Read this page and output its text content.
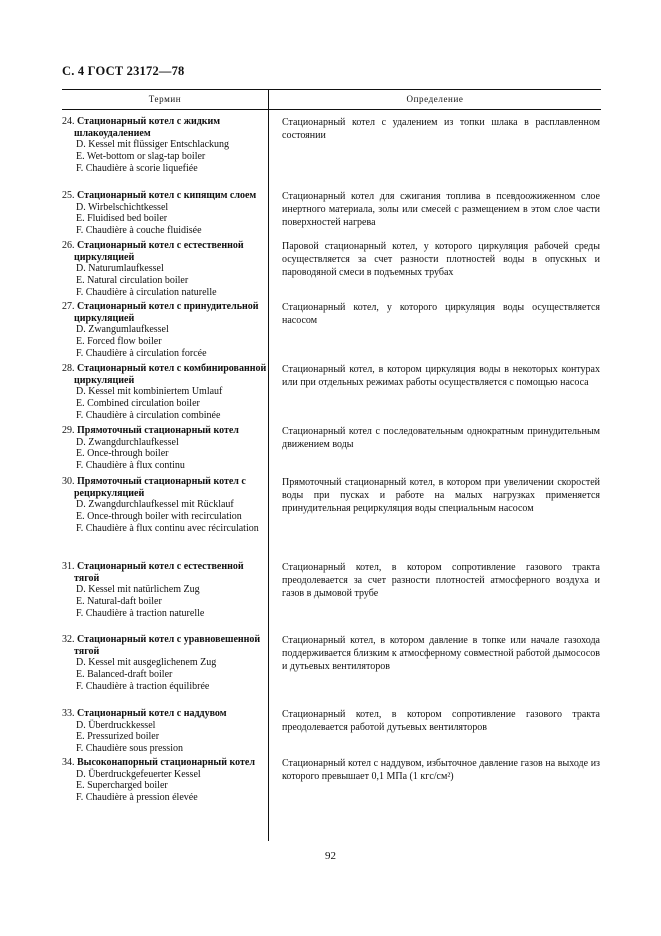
С. 4 ГОСТ 23172—78
Термин	Определение
24. Стационарный котел с жидким шлакоудалением
D. Kessel mit flüssiger Entschlackung
E. Wet-bottom or slag-tap boiler
F. Chaudière à scorie liquefiée
Стационарный котел с удалением из топки шлака в расплавленном состоянии
25. Стационарный котел с кипящим слоем
D. Wirbelschichtkessel
E. Fluidised bed boiler
F. Chaudière à couche fluidisée
Стационарный котел для сжигания топлива в псевдоожиженном слое инертного материала, золы или смесей с размещением в этом слое части поверхностей нагрева
26. Стационарный котел с естественной циркуляцией
D. Naturumlaufkessel
E. Natural circulation boiler
F. Chaudière à circulation naturelle
Паровой стационарный котел, у которого циркуляция рабочей среды осуществляется за счет разности плотностей воды в опускных и пароводяной смеси в подъемных трубах
27. Стационарный котел с принудительной циркуляцией
D. Zwangumlaufkessel
E. Forced flow boiler
F. Chaudière à circulation forcée
Стационарный котел, у которого циркуляция воды осуществляется насосом
28. Стационарный котел с комбинированной циркуляцией
D. Kessel mit kombiniertem Umlauf
E. Combined circulation boiler
F. Chaudière à circulation combinée
Стационарный котел, в котором циркуляция воды в некоторых контурах или при отдельных режимах работы осуществляется с помощью насоса
29. Прямоточный стационарный котел
D. Zwangdurchlaufkessel
E. Once-through boiler
F. Chaudière à flux continu
Стационарный котел с последовательным однократным принудительным движением воды
30. Прямоточный стационарный котел с рециркуляцией
D. Zwangdurchlaufkessel mit Rücklauf
E. Once-through boiler with recirculation
F. Chaudière à flux continu avec récirculation
Прямоточный стационарный котел, в котором при увеличении скоростей воды при пусках и работе на малых нагрузках применяется принудительная рециркуляция воды специальным насосом
31. Стационарный котел с естественной тягой
D. Kessel mit natürlichem Zug
E. Natural-daft boiler
F. Chaudière à traction naturelle
Стационарный котел, в котором сопротивление газового тракта преодолевается за счет разности плотностей атмосферного воздуха и газов в дымовой трубе
32. Стационарный котел с уравновешенной тягой
D. Kessel mit ausgeglichenem Zug
E. Balanced-draft boiler
F. Chaudière à traction équilibrée
Стационарный котел, в котором давление в топке или начале газохода поддерживается близким к атмосферному совместной работой дымососов и дутьевых вентиляторов
33. Стационарный котел с наддувом
D. Überdruckkessel
E. Pressurized boiler
F. Chaudière sous pression
Стационарный котел, в котором сопротивление газового тракта преодолевается работой дутьевых вентиляторов
34. Высоконапорный стационарный котел
D. Überdruckgefeuerter Kessel
E. Supercharged boiler
F. Chaudière à pression élevée
Стационарный котел с наддувом, избыточное давление газов на выходе из которого превышает 0,1 МПа (1 кгс/см²)
92
